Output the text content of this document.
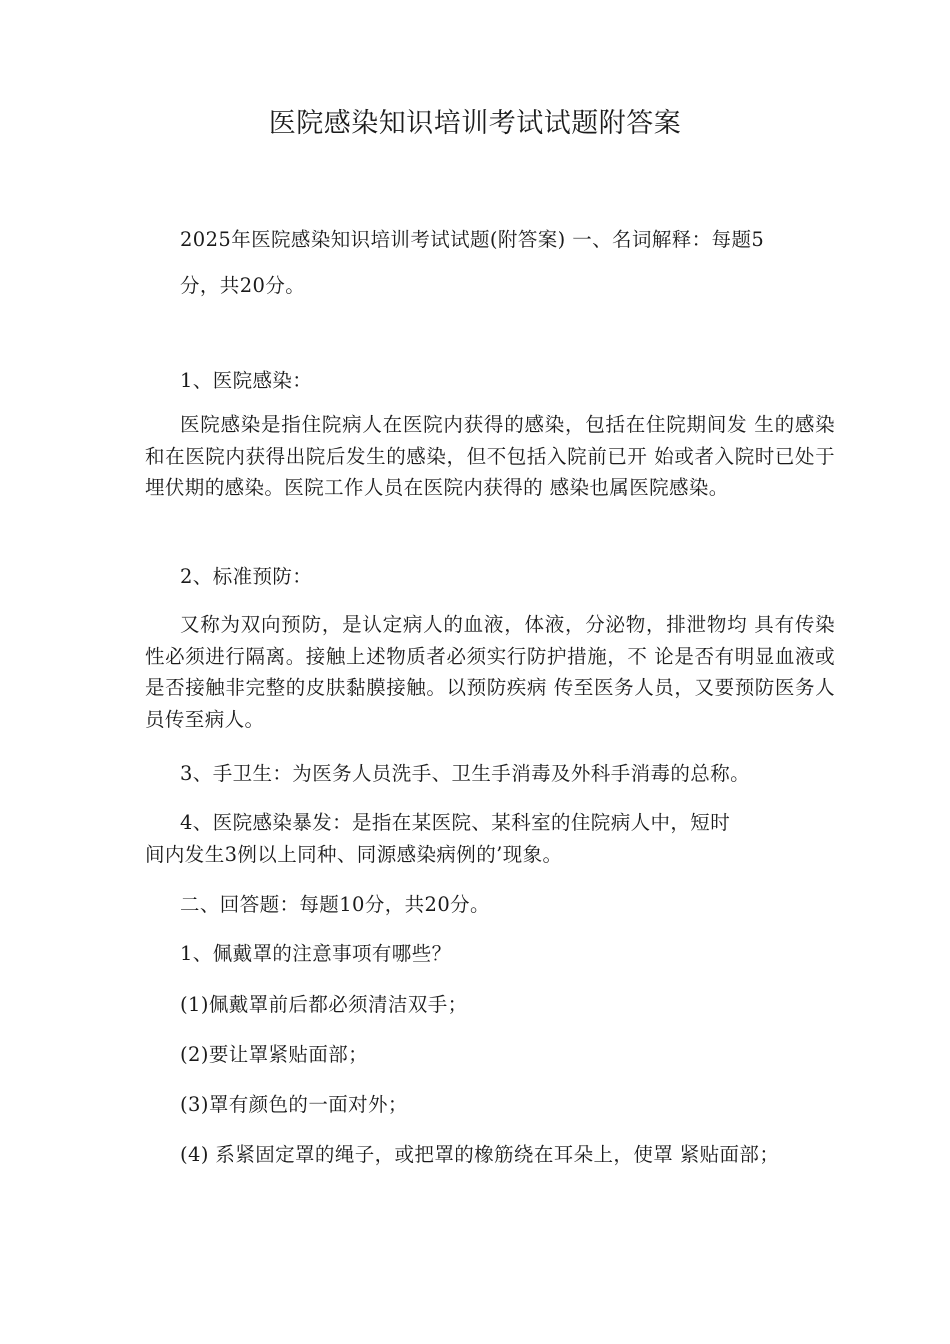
医院感染知识培训考试试题附答案
2025年医院感染知识培训考试试题(附答案) 一、名词解释：每题5
分，共20分。
1、医院感染：
医院感染是指住院病人在医院内获得的感染，包括在住院期间发 生的感染和在医院内获得出院后发生的感染，但不包括入院前已开 始或者入院时已处于埋伏期的感染。医院工作人员在医院内获得的 感染也属医院感染。
2、标准预防：
又称为双向预防，是认定病人的血液，体液，分泌物，排泄物均 具有传染性必须进行隔离。接触上述物质者必须实行防护措施，不 论是否有明显血液或是否接触非完整的皮肤黏膜接触。以预防疾病 传至医务人员，又要预防医务人员传至病人。
3、手卫生：为医务人员洗手、卫生手消毒及外科手消毒的总称。
4、医院感染暴发：是指在某医院、某科室的住院病人中，短时
间内发生3例以上同种、同源感染病例的’现象。
二、回答题：每题10分，共20分。
1、佩戴罩的注意事项有哪些？
(1)佩戴罩前后都必须清洁双手；
(2)要让罩紧贴面部；
(3)罩有颜色的一面对外；
(4) 系紧固定罩的绳子，或把罩的橡筋绕在耳朵上，使罩 紧贴面部；
